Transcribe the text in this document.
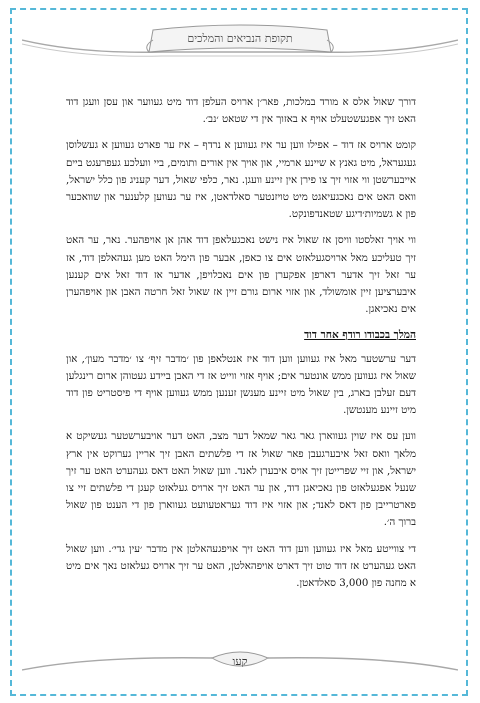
תקופת הנביאים והמלכים

דורך שאול אלס א מורד במלכות, פאר׳ן ארויס העלפן דוד מיט געווער און עסן וועגן דוד האט זיך אפגעשטעלט אויף א באזוך אין די שטאט ׳נב׳.

קומט ארויס אז דוד – אפילו ווען ער איז געווען א נרדף – איז ער פארט געווען א געשלוסן געגעראל, מיט גאנץ א שיינע ארמיי, און אויך אין אורים ותומים, ביי וועלכע געפרעגט ביים אייבערשטן ווי אזוי זיך צו פירן אין זיינע וועגן. נאר, כלפי שאול, דער קעניג פון כלל ישראל, וואס האט אים נאכגעיאגט מיט טויזנטער סאלדאטן, איז ער געווען קלענער און שוואכער פון א גשמיות׳דיגע שטאנדפונקט.

ווי אויך זאלסטו וויסן אז שאול איז נישט נאכגעלאפן דוד אהן אן אויפהער. נאר, ער האט זיך טעליכע מאל ארויסגעלאזט אים צו כאפן, אבער פון הימל האט מען געהאלפן דוד, אז ער זאל זיך אדער דארפן אפקערן פון אים נאכלויפן, אדער אז דוד זאל אים קענען איבערציען זיין אומשולד, און אזוי ארום גורם זיין אז שאול זאל חרטה האבן און אויפהערן אים נאכיאגן.

המלך בכבודו רודף אחר דוד

דער ערשטער מאל איז געווען ווען דוד איז אנטלאפן פון ׳מדבר זיף׳ צו ׳מדבר מעון׳, און שאול איז געווען ממש אונטער אים; אויף אזוי ווייט אז די האבן ביידע געטוהן ארום רינגלען דעם זעלבן בארג, בין שאול מיט זיינע מענשן זענען ממש געווען אויף די פיסטריט פון דוד מיט זיינע מענטשן.

ווען עס איז שוין געווארן גאר גאר שמאל דער מצב, האט דער אויבערשטער געשיקט א מלאך וואס זאל איבערגעבן פאר שאול אז די פלשתים האבן זיך אריין גערוקט אין ארץ ישראל, און זיי שפרייטן זיך אויס איבערן לאנד. ווען שאול האט דאס געהערט האט ער זיך שנעל אפגעלאזט פון נאכיאגן דוד, און ער האט זיך ארויס געלאזט קעגן די פלשתים זיי צו פארטרייבן פון דאס לאנד; און אזוי איז דוד געראטעוועט געווארן פון די הענט פון שאול ברוך ה׳.

די צווייטע מאל איז געווען ווען דוד האט זיך אויפגעהאלטן אין מדבר ׳עין גדי׳. ווען שאול האט געהערט אז דוד טוט זיך דארט אויפהאלטן, האט ער זיך ארויס געלאזט נאך אים מיט א מחנה פון 3,000 סאלדאטן.

קעו
